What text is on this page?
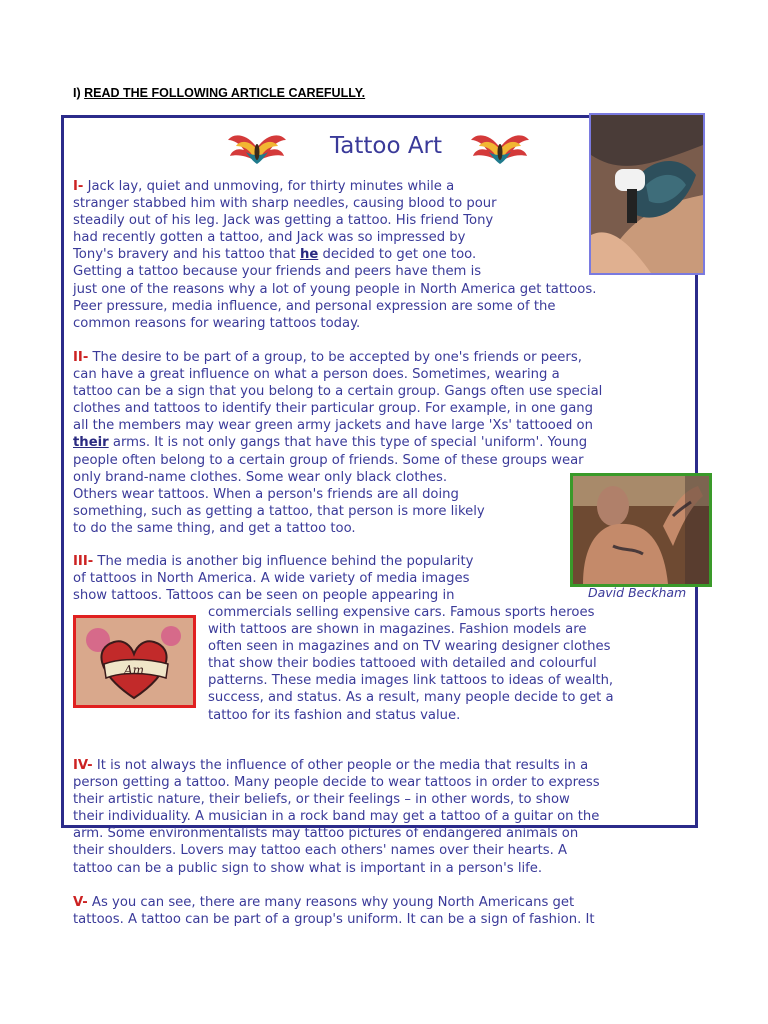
I) READ THE FOLLOWING ARTICLE CAREFULLY.
Tattoo Art
David Beckham
Am
I- Jack lay, quiet and unmoving, for thirty minutes while a
stranger stabbed him with sharp needles, causing blood to pour
steadily out of his leg. Jack was getting a tattoo. His friend Tony
had recently gotten a tattoo, and Jack was so impressed by
Tony's bravery and his tattoo that he decided to get one too.
Getting a tattoo because your friends and peers have them is
just one of the reasons why a lot of young people in North America get tattoos.
Peer pressure, media influence, and personal expression are some of the
common reasons for wearing tattoos today.
II- The desire to be part of a group, to be accepted by one's friends or peers,
can have a great influence on what a person does. Sometimes, wearing a
tattoo can be a sign that you belong to a certain group. Gangs often use special
clothes and tattoos to identify their particular group. For example, in one gang
all the members may wear green army jackets and have large 'Xs' tattooed on
their arms. It is not only gangs that have this type of special 'uniform'. Young
people often belong to a certain group of friends. Some of these groups wear
only brand-name clothes. Some wear only black clothes.
Others wear tattoos. When a person's friends are all doing
something, such as getting a tattoo, that person is more likely
to do the same thing, and get a tattoo too.
III- The media is another big influence behind the popularity
of tattoos in North America. A wide variety of media images
show tattoos. Tattoos can be seen on people appearing in
commercials selling expensive cars. Famous sports heroes
with tattoos are shown in magazines. Fashion models are
often seen in magazines and on TV wearing designer clothes
that show their bodies tattooed with detailed and colourful
patterns. These media images link tattoos to ideas of wealth,
success, and status. As a result, many people decide to get a
tattoo for its fashion and status value.
IV- It is not always the influence of other people or the media that results in a
person getting a tattoo. Many people decide to wear tattoos in order to express
their artistic nature, their beliefs, or their feelings – in other words, to show
their individuality. A musician in a rock band may get a tattoo of a guitar on the
arm. Some environmentalists may tattoo pictures of endangered animals on
their shoulders. Lovers may tattoo each others' names over their hearts. A
tattoo can be a public sign to show what is important in a person's life.
V- As you can see, there are many reasons why young North Americans get
tattoos. A tattoo can be part of a group's uniform. It can be a sign of fashion. It
